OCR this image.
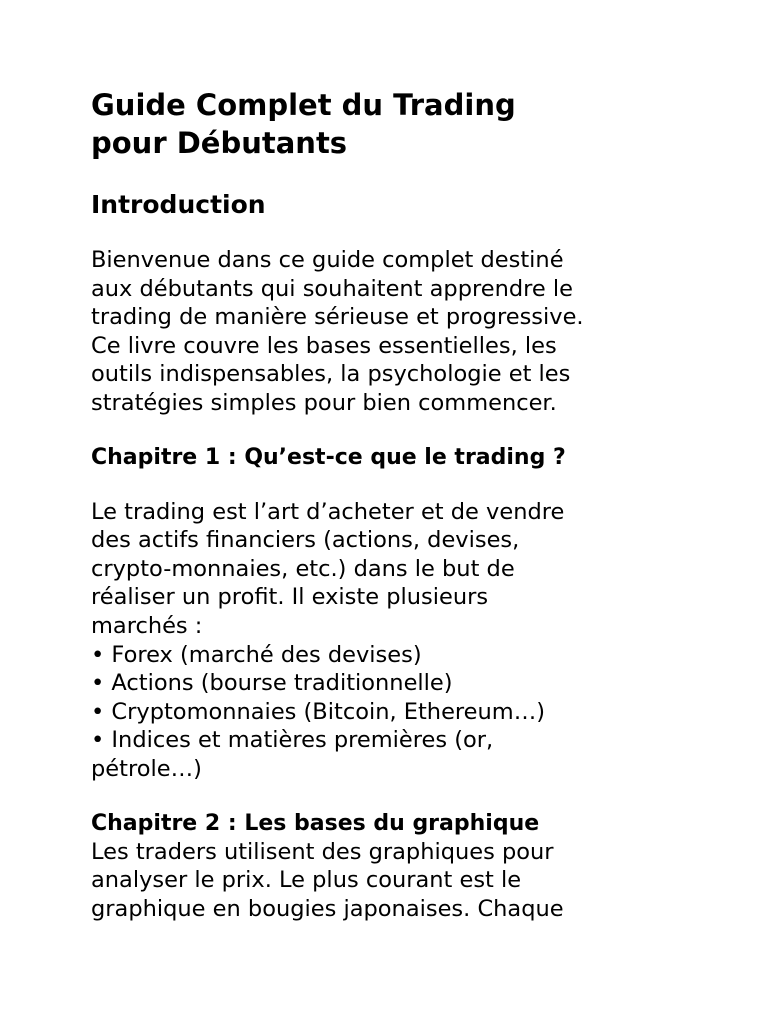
Guide Complet du Trading
pour Débutants
Introduction

Bienvenue dans ce guide complet destiné
aux débutants qui souhaitent apprendre le
trading de manière sérieuse et progressive.
Ce livre couvre les bases essentielles, les
outils indispensables, la psychologie et les
stratégies simples pour bien commencer.

Chapitre 1 : Qu’est-ce que le trading ?

Le trading est l’art d’acheter et de vendre
des actifs financiers (actions, devises,
crypto-monnaies, etc.) dans le but de
réaliser un profit. Il existe plusieurs
marchés :
• Forex (marché des devises)
• Actions (bourse traditionnelle)
• Cryptomonnaies (Bitcoin, Ethereum…)
• Indices et matières premières (or,
pétrole…)

Chapitre 2 : Les bases du graphique

Les traders utilisent des graphiques pour
analyser le prix. Le plus courant est le
graphique en bougies japonaises. Chaque
